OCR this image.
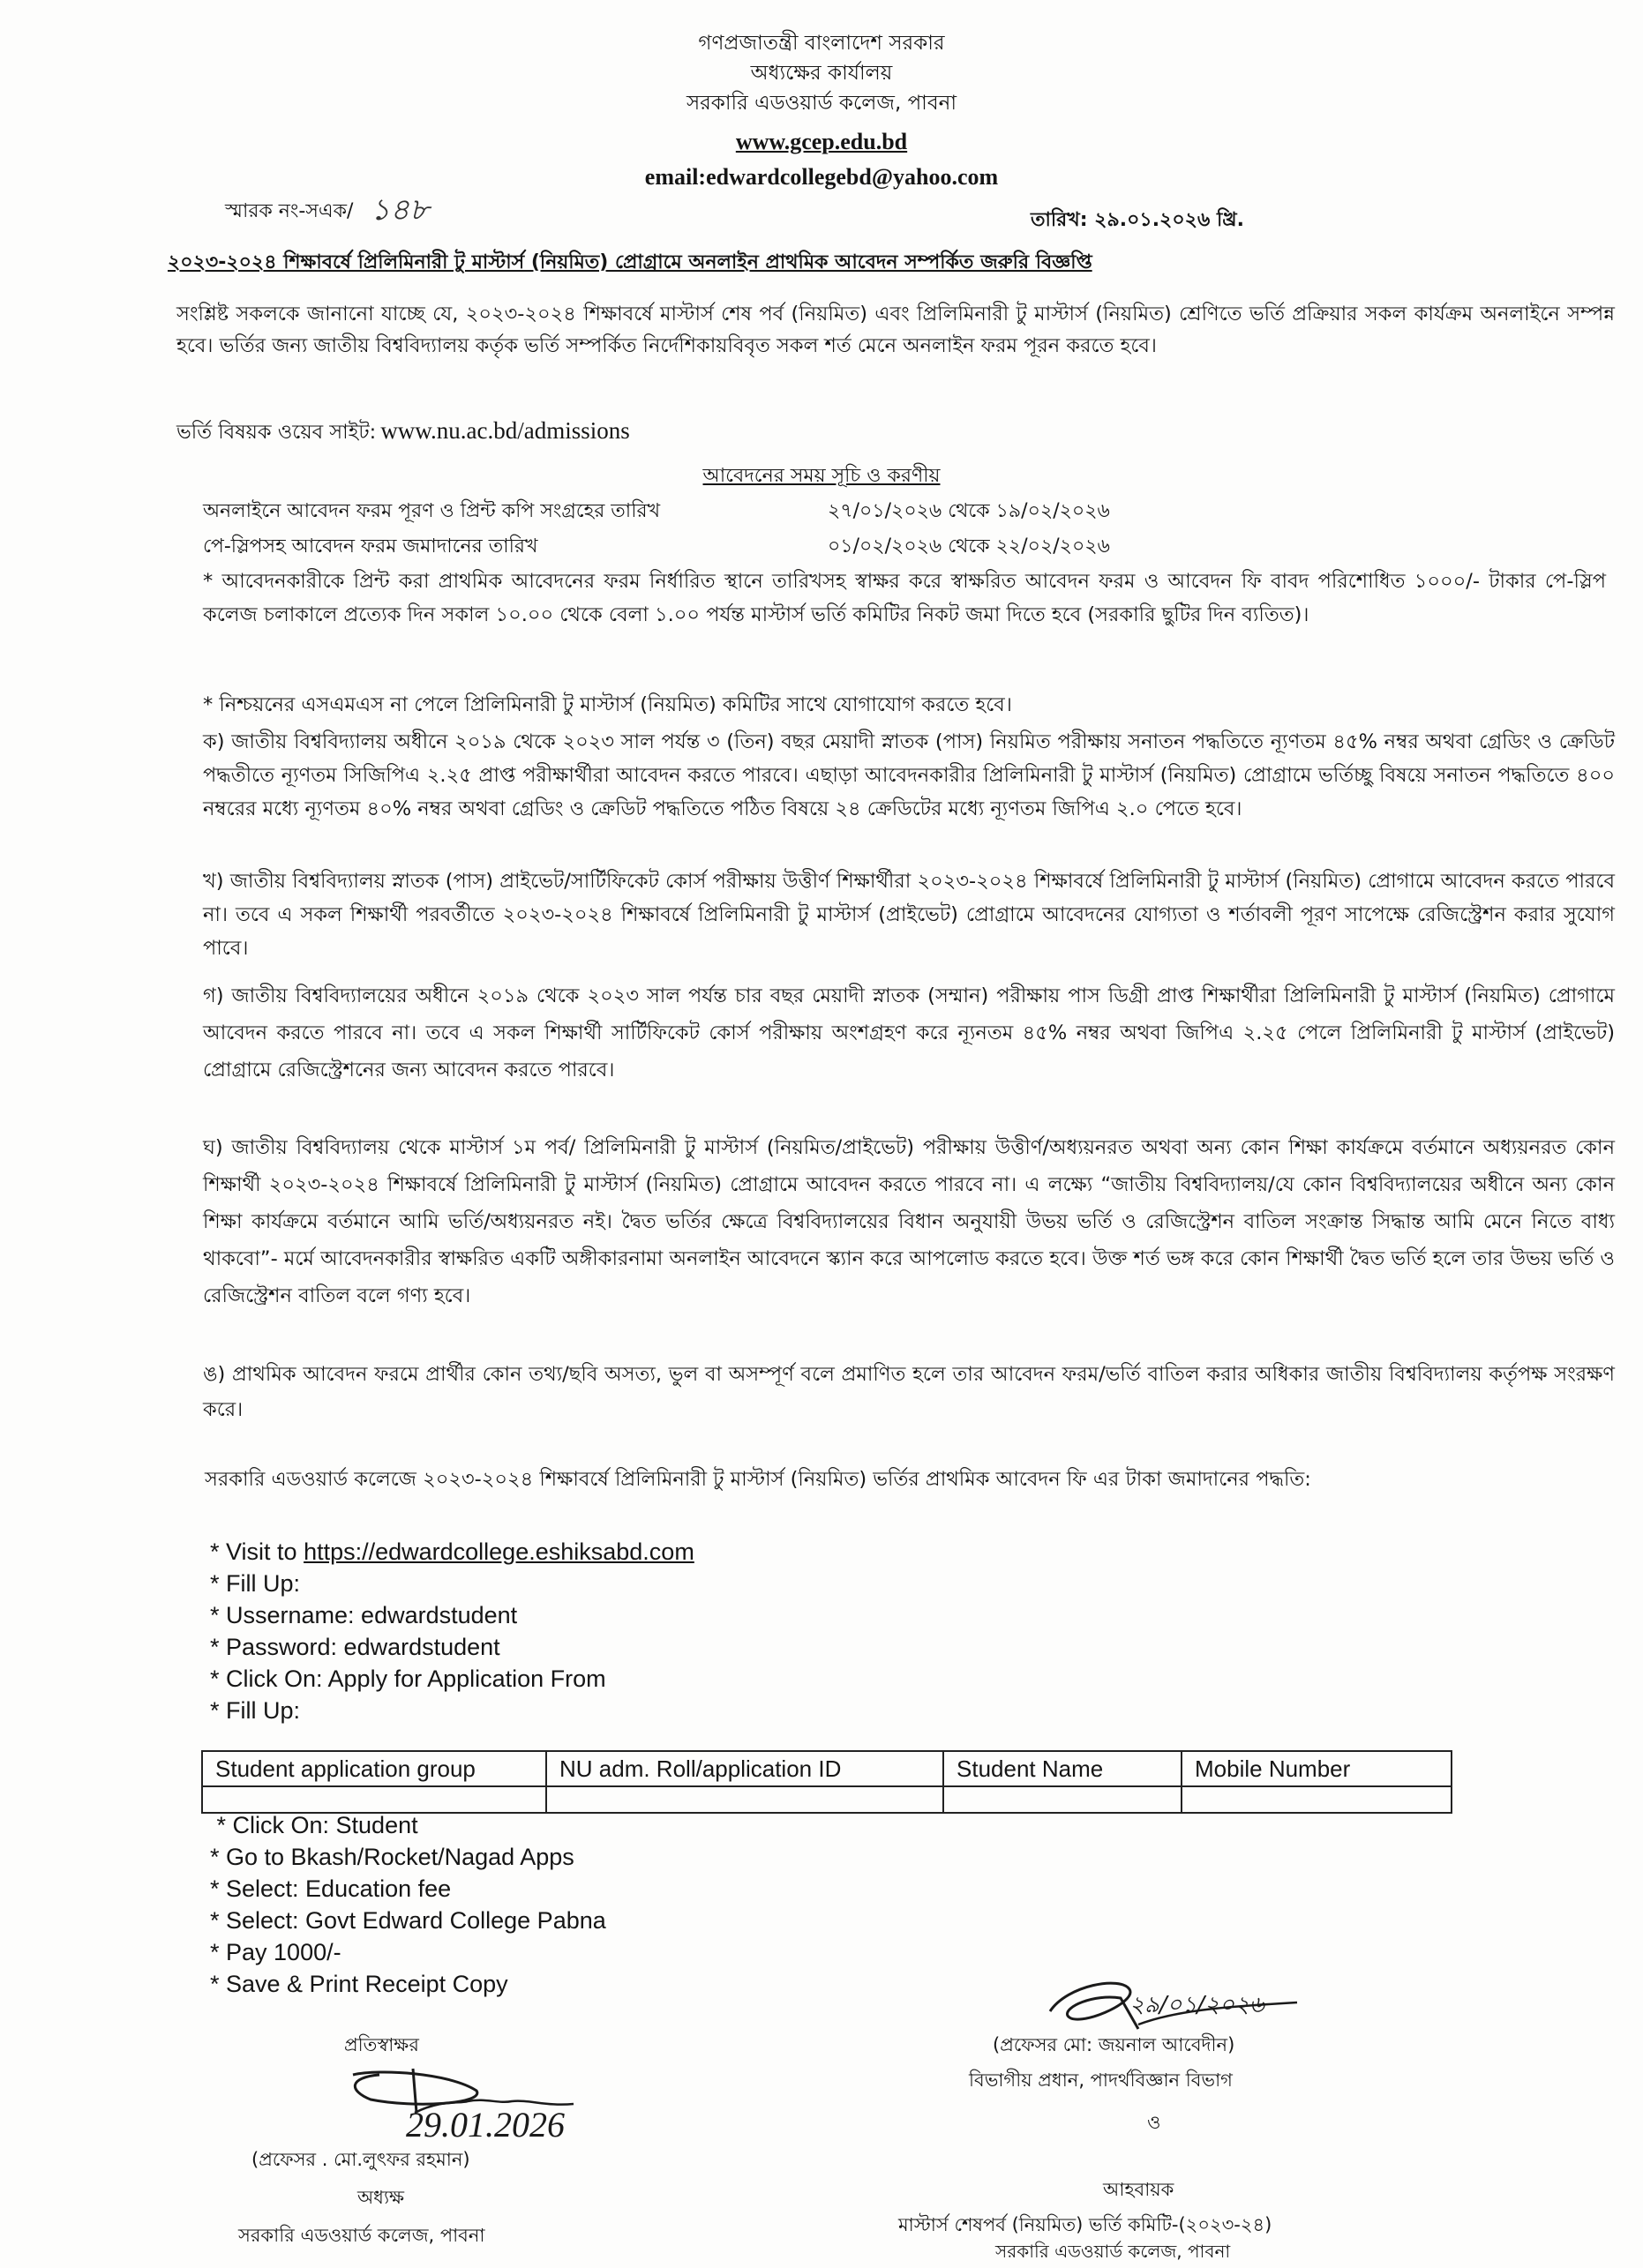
গণপ্রজাতন্ত্রী বাংলাদেশ সরকার
অধ্যক্ষের কার্যালয়
সরকারি এডওয়ার্ড কলেজ, পাবনা
www.gcep.edu.bd
email:edwardcollegebd@yahoo.com
স্মারক নং-সএক/ ১৪৮	তারিখ: ২৯.০১.২০২৬ খ্রি.
২০২৩-২০২৪ শিক্ষাবর্ষে প্রিলিমিনারী টু মাস্টার্স (নিয়মিত) প্রোগ্রামে অনলাইন প্রাথমিক আবেদন সম্পর্কিত জরুরি বিজ্ঞপ্তি
সংশ্লিষ্ট সকলকে জানানো যাচ্ছে যে, ২০২৩-২০২৪ শিক্ষাবর্ষে মাস্টার্স শেষ পর্ব (নিয়মিত) এবং প্রিলিমিনারী টু মাস্টার্স (নিয়মিত) শ্রেণিতে ভর্তি প্রক্রিয়ার সকল কার্যক্রম অনলাইনে সম্পন্ন হবে। ভর্তির জন্য জাতীয় বিশ্ববিদ্যালয় কর্তৃক ভর্তি সম্পর্কিত নির্দেশিকায়বিবৃত সকল শর্ত মেনে অনলাইন ফরম পূরন করতে হবে।
ভর্তি বিষয়ক ওয়েব সাইট: www.nu.ac.bd/admissions
আবেদনের সময় সূচি ও করণীয়
অনলাইনে আবেদন ফরম পূরণ ও প্রিন্ট কপি সংগ্রহের তারিখ	২৭/০১/২০২৬ থেকে ১৯/০২/২০২৬
পে-স্লিপসহ আবেদন ফরম জমাদানের তারিখ	০১/০২/২০২৬ থেকে ২২/০২/২০২৬
* আবেদনকারীকে প্রিন্ট করা প্রাথমিক আবেদনের ফরম নির্ধারিত স্থানে তারিখসহ স্বাক্ষর করে স্বাক্ষরিত আবেদন ফরম ও আবেদন ফি বাবদ পরিশোধিত ১০০০/- টাকার পে-স্লিপ কলেজ চলাকালে প্রত্যেক দিন সকাল ১০.০০ থেকে বেলা ১.০০ পর্যন্ত মাস্টার্স ভর্তি কমিটির নিকট জমা দিতে হবে (সরকারি ছুটির দিন ব্যতিত)।
* নিশ্চয়নের এসএমএস না পেলে প্রিলিমিনারী টু মাস্টার্স (নিয়মিত) কমিটির সাথে যোগাযোগ করতে হবে।
ক) জাতীয় বিশ্ববিদ্যালয় অধীনে ২০১৯ থেকে ২০২৩ সাল পর্যন্ত ৩ (তিন) বছর মেয়াদী স্নাতক (পাস) নিয়মিত পরীক্ষায় সনাতন পদ্ধতিতে ন্যূণতম ৪৫% নম্বর অথবা গ্রেডিং ও ক্রেডিট পদ্ধতীতে ন্যূণতম সিজিপিএ ২.২৫ প্রাপ্ত পরীক্ষার্থীরা আবেদন করতে পারবে। এছাড়া আবেদনকারীর প্রিলিমিনারী টু মাস্টার্স (নিয়মিত) প্রোগ্রামে ভর্তিচ্ছু বিষয়ে সনাতন পদ্ধতিতে ৪০০ নম্বরের মধ্যে ন্যূণতম ৪০% নম্বর অথবা গ্রেডিং ও ক্রেডিট পদ্ধতিতে পঠিত বিষয়ে ২৪ ক্রেডিটের মধ্যে ন্যূণতম জিপিএ ২.০ পেতে হবে।
খ) জাতীয় বিশ্ববিদ্যালয় স্নাতক (পাস) প্রাইভেট/সার্টিফিকেট কোর্স পরীক্ষায় উত্তীর্ণ শিক্ষার্থীরা ২০২৩-২০২৪ শিক্ষাবর্ষে প্রিলিমিনারী টু মাস্টার্স (নিয়মিত) প্রোগামে আবেদন করতে পারবে না। তবে এ সকল শিক্ষার্থী পরবর্তীতে ২০২৩-২০২৪ শিক্ষাবর্ষে প্রিলিমিনারী টু মাস্টার্স (প্রাইভেট) প্রোগ্রামে আবেদনের যোগ্যতা ও শর্তাবলী পূরণ সাপেক্ষে রেজিস্ট্রেশন করার সুযোগ পাবে।
গ) জাতীয় বিশ্ববিদ্যালয়ের অধীনে ২০১৯ থেকে ২০২৩ সাল পর্যন্ত চার বছর মেয়াদী স্নাতক (সম্মান) পরীক্ষায় পাস ডিগ্রী প্রাপ্ত শিক্ষার্থীরা প্রিলিমিনারী টু মাস্টার্স (নিয়মিত) প্রোগামে আবেদন করতে পারবে না। তবে এ সকল শিক্ষার্থী সার্টিফিকেট কোর্স পরীক্ষায় অংশগ্রহণ করে ন্যূনতম ৪৫% নম্বর অথবা জিপিএ ২.২৫ পেলে প্রিলিমিনারী টু মাস্টার্স (প্রাইভেট) প্রোগ্রামে রেজিস্ট্রেশনের জন্য আবেদন করতে পারবে।
ঘ) জাতীয় বিশ্ববিদ্যালয় থেকে মাস্টার্স ১ম পর্ব/ প্রিলিমিনারী টু মাস্টার্স (নিয়মিত/প্রাইভেট) পরীক্ষায় উত্তীর্ণ/অধ্যয়নরত অথবা অন্য কোন শিক্ষা কার্যক্রমে বর্তমানে অধ্যয়নরত কোন শিক্ষার্থী ২০২৩-২০২৪ শিক্ষাবর্ষে প্রিলিমিনারী টু মাস্টার্স (নিয়মিত) প্রোগ্রামে আবেদন করতে পারবে না। এ লক্ষ্যে “জাতীয় বিশ্ববিদ্যালয়/যে কোন বিশ্ববিদ্যালয়ের অধীনে অন্য কোন শিক্ষা কার্যক্রমে বর্তমানে আমি ভর্তি/অধ্যয়নরত নই। দ্বৈত ভর্তির ক্ষেত্রে বিশ্ববিদ্যালয়ের বিধান অনুযায়ী উভয় ভর্তি ও রেজিস্ট্রেশন বাতিল সংক্রান্ত সিদ্ধান্ত আমি মেনে নিতে বাধ্য থাকবো”- মর্মে আবেদনকারীর স্বাক্ষরিত একটি অঙ্গীকারনামা অনলাইন আবেদনে স্ক্যান করে আপলোড করতে হবে। উক্ত শর্ত ভঙ্গ করে কোন শিক্ষার্থী দ্বৈত ভর্তি হলে তার উভয় ভর্তি ও রেজিস্ট্রেশন বাতিল বলে গণ্য হবে।
ঙ) প্রাথমিক আবেদন ফরমে প্রার্থীর কোন তথ্য/ছবি অসত্য, ভুল বা অসম্পূর্ণ বলে প্রমাণিত হলে তার আবেদন ফরম/ভর্তি বাতিল করার অধিকার জাতীয় বিশ্ববিদ্যালয় কর্তৃপক্ষ সংরক্ষণ করে।
সরকারি এডওয়ার্ড কলেজে ২০২৩-২০২৪ শিক্ষাবর্ষে প্রিলিমিনারী টু মাস্টার্স (নিয়মিত) ভর্তির প্রাথমিক আবেদন ফি এর টাকা জমাদানের পদ্ধতি:
* Visit to https://edwardcollege.eshiksabd.com
* Fill Up:
* Ussername: edwardstudent
* Password: edwardstudent
* Click On: Apply for Application From
* Fill Up:
Student application group	NU adm. Roll/application ID	Student Name	Mobile Number

* Click On: Student
* Go to Bkash/Rocket/Nagad Apps
* Select: Education fee
* Select: Govt Edward College Pabna
* Pay 1000/-
* Save & Print Receipt Copy
প্রতিস্বাক্ষর
29.01.2026
(প্রফেসর . মো.লুৎফর রহমান)
অধ্যক্ষ
সরকারি এডওয়ার্ড কলেজ, পাবনা
২৯/০১/২০২৬
(প্রফেসর মো: জয়নাল আবেদীন)
বিভাগীয় প্রধান, পাদর্থবিজ্ঞান বিভাগ
ও
আহবায়ক
মাস্টার্স শেষপর্ব (নিয়মিত) ভর্তি কমিটি-(২০২৩-২৪)
সরকারি এডওয়ার্ড কলেজ, পাবনা
